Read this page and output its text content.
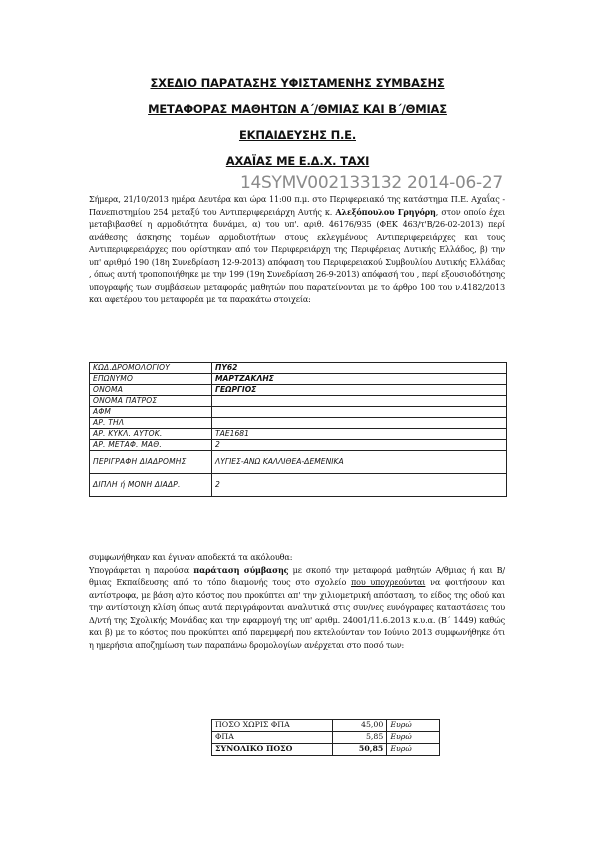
ΣΧΕΔΙΟ ΠΑΡΑΤΑΣΗΣ ΥΦΙΣΤΑΜΕΝΗΣ ΣΥΜΒΑΣΗΣ

ΜΕΤΑΦΟΡΑΣ ΜΑΘΗΤΩΝ Α΄/ΘΜΙΑΣ ΚΑΙ Β΄/ΘΜΙΑΣ

ΕΚΠΑΙΔΕΥΣΗΣ Π.Ε.

ΑΧΑΪΑΣ ΜΕ Ε.Δ.Χ. ΤΑΧΙ

14SYMV002133132 2014-06-27
Σήμερα, 21/10/2013 ημέρα Δευτέρα και ώρα 11:00 π.μ. στο Περιφερειακό της κατάστημα Π.Ε. Αχαΐας - Πανεπιστημίου 254 μεταξύ του Αντιπεριφερειάρχη Αυτής κ. Αλεξόπουλου Γρηγόρη, στον οποίο έχει μεταβιβασθεί η αρμοδιότητα δυνάμει, α) του υπ'. αριθ. 46176/935 (ΦΕΚ 463/τ'Β/26-02-2013) περί ανάθεσης άσκησης τομέων αρμοδιοτήτων στους εκλεγμένους Αντιπεριφερειάρχες και τους Αντιπεριφερειάρχες που ορίστηκαν από τον Περιφερειάρχη της Περιφέρειας Δυτικής Ελλάδος, β) την υπ' αριθμό 190 (18η Συνεδρίαση 12-9-2013) απόφαση του Περιφερειακού Συμβουλίου Δυτικής Ελλάδας , όπως αυτή τροποποιήθηκε με την 199 (19η Συνεδρίαση 26-9-2013) απόφασή του , περί εξουσιοδότησης υπογραφής των συμβάσεων μεταφοράς μαθητών που παρατείνονται με το άρθρο 100 του ν.4182/2013 και αφετέρου του μεταφορέα με τα παρακάτω στοιχεία:
ΚΩΔ.ΔΡΟΜΟΛΟΓΙΟΥ	ΠΥ62
ΕΠΩΝΥΜΟ	ΜΑΡΤΖΑΚΛΗΣ
ΟΝΟΜΑ	ΓΕΩΡΓΙΟΣ
ΟΝΟΜΑ ΠΑΤΡΟΣ	
ΑΦΜ	
ΑΡ. ΤΗΛ	
ΑΡ. ΚΥΚΛ. ΑΥΤΟΚ.	ΤΑΕ1681
ΑΡ. ΜΕΤΑΦ. ΜΑΘ.	2
ΠΕΡΙΓΡΑΦΗ ΔΙΑΔΡΟΜΗΣ	ΛΥΓΙΕΣ-ΑΝΩ ΚΑΛΛΙΘΕΑ-ΔΕΜΕΝΙΚΑ
ΔΙΠΛΗ ή ΜΟΝΗ ΔΙΑΔΡ.	2
συμφωνήθηκαν και έγιναν αποδεκτά τα ακόλουθα:
Υπογράφεται η παρούσα παράταση σύμβασης με σκοπό την μεταφορά μαθητών Α/θμιας ή και Β/θμιας Εκπαίδευσης από το τόπο διαμονής τους στο σχολείο που υποχρεούνται να φοιτήσουν και αντίστροφα, με βάση α)το κόστος που προκύπτει απ' την χιλιομετρική απόσταση, το είδος της οδού και την αντίστοιχη κλίση όπως αυτά περιγράφονται αναλυτικά στις συν/νες ευνόγραφες καταστάσεις του Δ/ντή της Σχολικής Μονάδας και την εφαρμογή της υπ' αριθμ. 24001/11.6.2013 κ.υ.α. (Β΄ 1449) καθώς και β) με το κόστος που προκύπτει από παρεμφερή που εκτελούνταν τον Ιούνιο 2013 συμφωνήθηκε ότι η ημερήσια αποζημίωση των παραπάνω δρομολογίων ανέρχεται στο ποσό των:
ΠΟΣΟ ΧΩΡΙΣ ΦΠΑ	45,00	Ευρώ
ΦΠΑ	5,85	Ευρώ
ΣΥΝΟΛΙΚΟ ΠΟΣΟ	50,85	Ευρώ
